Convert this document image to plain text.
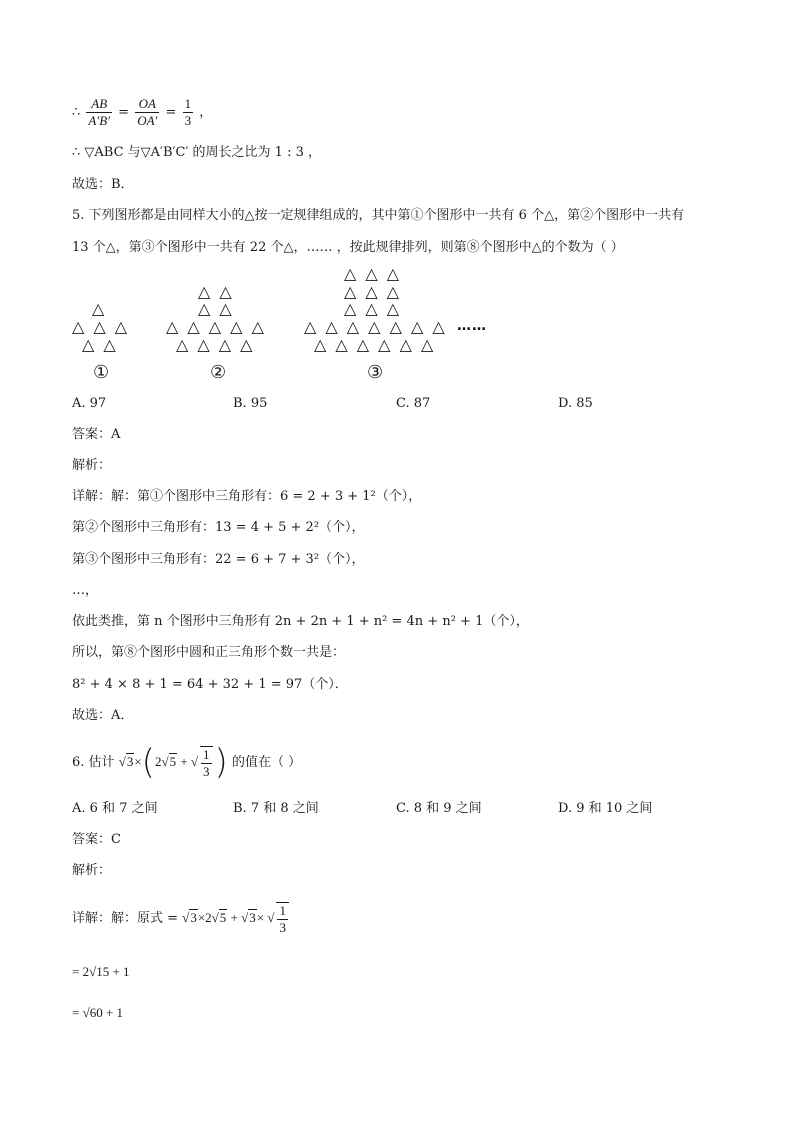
∴ $\frac{AB}{A'B'} = \frac{OA}{OA'} = \frac{1}{3}$ ，
∴ ▽ABC 与▽A′B′C′ 的周长之比为 1 : 3 ，
故选：B．
5. 下列图形都是由同样大小的△按一定规律组成的，其中第①个图形中一共有 6 个△，第②个图形中一共有
13 个△，第③个图形中一共有 22 个△，…… ，按此规律排列，则第⑧个图形中△的个数为（ ）
△
△ △ △
△ △
①
△ △
△ △
△ △ △ △ △
△ △ △ △
②
△ △ △
△ △ △
△ △ △
△ △ △ △ △ △ △
△ △ △ △ △ △
③
……
A. 97	B. 95	C. 87	D. 85
答案：A
解析：
详解：解：第①个图形中三角形有：6 = 2 + 3 + 1²（个），
第②个图形中三角形有：13 = 4 + 5 + 2²（个），
第③个图形中三角形有：22 = 6 + 7 + 3²（个），
…，
依此类推，第 n 个图形中三角形有 2n + 2n + 1 + n² = 4n + n² + 1（个），
所以，第⑧个图形中圆和正三角形个数一共是：
8² + 4 × 8 + 1 = 64 + 32 + 1 = 97（个）．
故选：A．
6. 估计 √3×(2√5 + √ $\frac{1}{3}$ ) 的值在（ ）
A. 6 和 7 之间	B. 7 和 8 之间	C. 8 和 9 之间	D. 9 和 10 之间
答案：C
解析：
详解：解：原式 = √3×2√5 + √3× √ $\frac{1}{3}$
= 2√15 + 1
= √60 + 1
